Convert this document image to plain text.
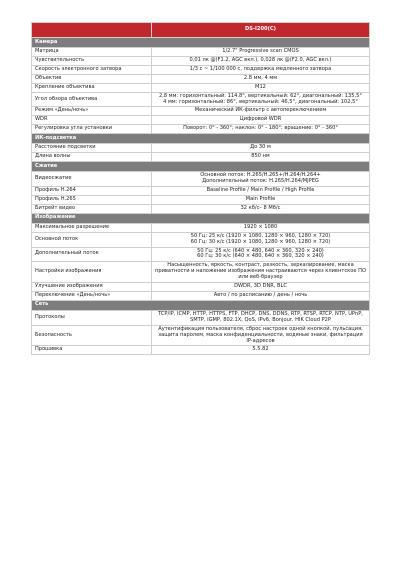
	DS-I200(C)
Камера	
Матрица	1/2.7" Progressive scan CMOS

Чувствительность	0,01 лк @(F1.2, AGC вкл.), 0,028 лк @(F2.0, AGC вкл.)

Скорость электронного затвора	1/3 с ~ 1/100 000 с, поддержка медленного затвора

Объектив	2.8 мм, 4 мм

Крепление объектива	M12

Угол обзора объектива	2,8 мм: горизонтальный: 114.8°, вертикальный: 62°, диагональный: 135,5°
4 мм: горизонтальный: 86°, вертикальный: 46,5°, диагональный: 102,5°

Режим «День/ночь»	Механический ИК-фильтр с автопереключением

WDR	Цифровой WDR

Регулировка угла установки	Поворот: 0° - 360°; наклон: 0° - 180°; вращение: 0° - 360°

ИК-подсветка	
Расстояние подсветки	До 30 м

Длина волны	850 нм

Сжатие	
Видеосжатие	Основной поток: H.265/H.265+/H.264/H.264+
Дополнительный поток: H.265/H.264/MJPEG

Профиль H.264	Baseline Profile / Main Profile / High Profile

Профиль H.265	Main Profile

Битрейт видео	32 кб/с– 8 Мб/с

Изображение	
Максимальное разрешение	1920 × 1080

Основной поток	50 Гц: 25 к/с (1920 × 1080, 1280 × 960, 1280 × 720)
60 Гц: 30 к/с (1920 × 1080, 1280 × 960, 1280 × 720)

Дополнительный поток	50 Гц: 25 к/с (640 × 480, 640 × 360, 320 × 240)
60 Гц: 30 к/с (640 × 480, 640 × 360, 320 × 240)

Настройки изображения	Насыщенность, яркость, контраст, резкость, зеркалирование, маска приватности и наложение изображения настраиваются через клиентское ПО или веб-браузер

Улучшение изображения	DWDR, 3D DNR, BLC

Переключение «День/ночь»	Авто / по расписанию / день / ночь

Сеть	
Протоколы	TCP/IP, ICMP, HTTP, HTTPS, FTP, DHCP, DNS, DDNS, RTP, RTSP, RTCP, NTP, UPnP, SMTP, IGMP, 802.1X, QoS, IPv6, Bonjour, HIK Cloud P2P

Безопасность	Аутентификация пользователя, сброс настроек одной кнопкой, пульсация, защита паролем, маска конфиденциальности, водяные знаки, фильтрация IP-адресов

Прошивка	5.5.82
